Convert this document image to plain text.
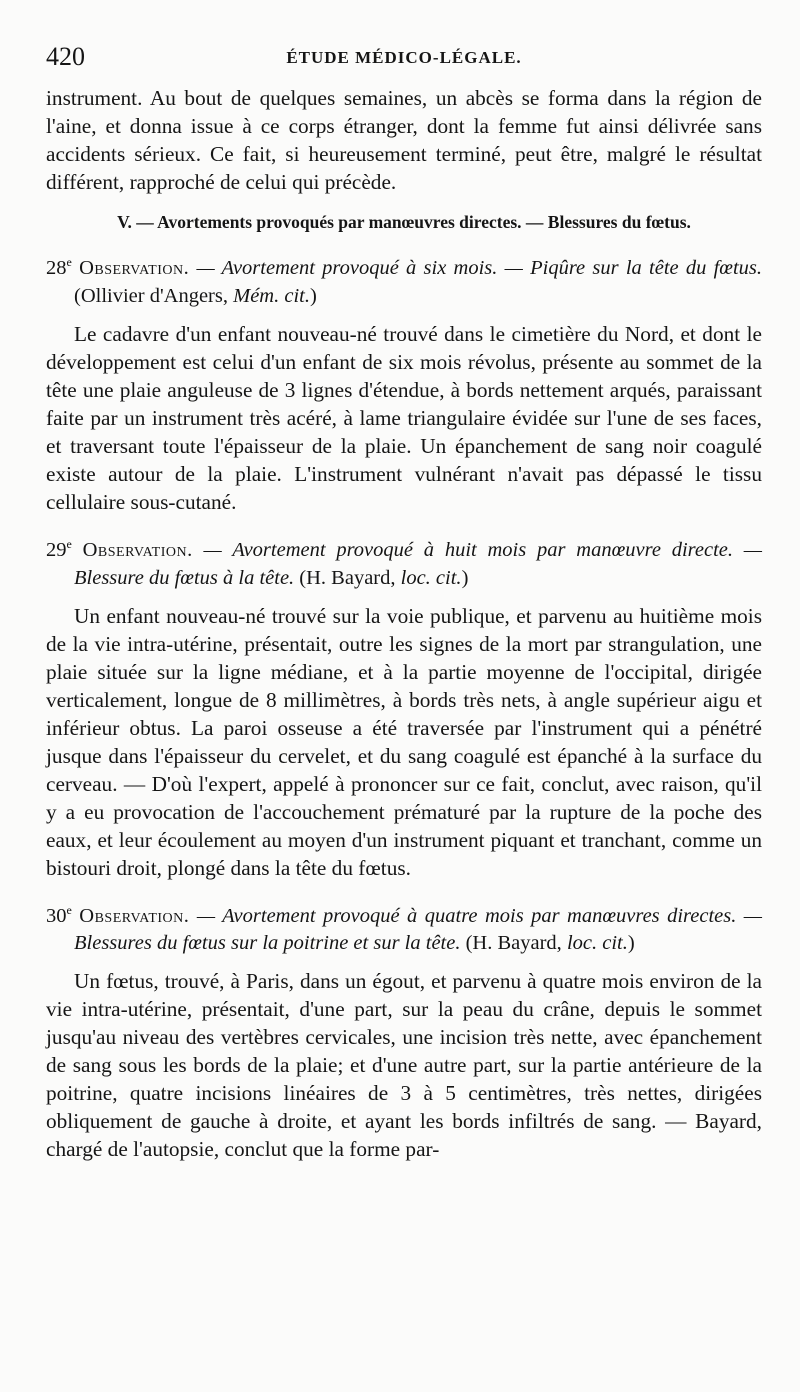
420	ÉTUDE MÉDICO-LÉGALE.

instrument. Au bout de quelques semaines, un abcès se forma dans la région de l'aine, et donna issue à ce corps étranger, dont la femme fut ainsi délivrée sans accidents sérieux. Ce fait, si heureusement terminé, peut être, malgré le résultat différent, rapproché de celui qui précède.

V. — Avortements provoqués par manœuvres directes. — Blessures du fœtus.
28e Observation. — Avortement provoqué à six mois. — Piqûre sur la tête du fœtus. (Ollivier d'Angers, Mém. cit.)

Le cadavre d'un enfant nouveau-né trouvé dans le cimetière du Nord, et dont le développement est celui d'un enfant de six mois révolus, présente au sommet de la tête une plaie anguleuse de 3 lignes d'étendue, à bords nettement arqués, paraissant faite par un instrument très acéré, à lame triangulaire évidée sur l'une de ses faces, et traversant toute l'épaisseur de la plaie. Un épanchement de sang noir coagulé existe autour de la plaie. L'instrument vulnérant n'avait pas dépassé le tissu cellulaire sous-cutané.

29e Observation. — Avortement provoqué à huit mois par manœuvre directe. — Blessure du fœtus à la tête. (H. Bayard, loc. cit.)

Un enfant nouveau-né trouvé sur la voie publique, et parvenu au huitième mois de la vie intra-utérine, présentait, outre les signes de la mort par strangulation, une plaie située sur la ligne médiane, et à la partie moyenne de l'occipital, dirigée verticalement, longue de 8 millimètres, à bords très nets, à angle supérieur aigu et inférieur obtus. La paroi osseuse a été traversée par l'instrument qui a pénétré jusque dans l'épaisseur du cervelet, et du sang coagulé est épanché à la surface du cerveau. — D'où l'expert, appelé à prononcer sur ce fait, conclut, avec raison, qu'il y a eu provocation de l'accouchement prématuré par la rupture de la poche des eaux, et leur écoulement au moyen d'un instrument piquant et tranchant, comme un bistouri droit, plongé dans la tête du fœtus.

30e Observation. — Avortement provoqué à quatre mois par manœuvres directes. — Blessures du fœtus sur la poitrine et sur la tête. (H. Bayard, loc. cit.)

Un fœtus, trouvé, à Paris, dans un égout, et parvenu à quatre mois environ de la vie intra-utérine, présentait, d'une part, sur la peau du crâne, depuis le sommet jusqu'au niveau des vertèbres cervicales, une incision très nette, avec épanchement de sang sous les bords de la plaie; et d'une autre part, sur la partie antérieure de la poitrine, quatre incisions linéaires de 3 à 5 centimètres, très nettes, dirigées obliquement de gauche à droite, et ayant les bords infiltrés de sang. — Bayard, chargé de l'autopsie, conclut que la forme par-
